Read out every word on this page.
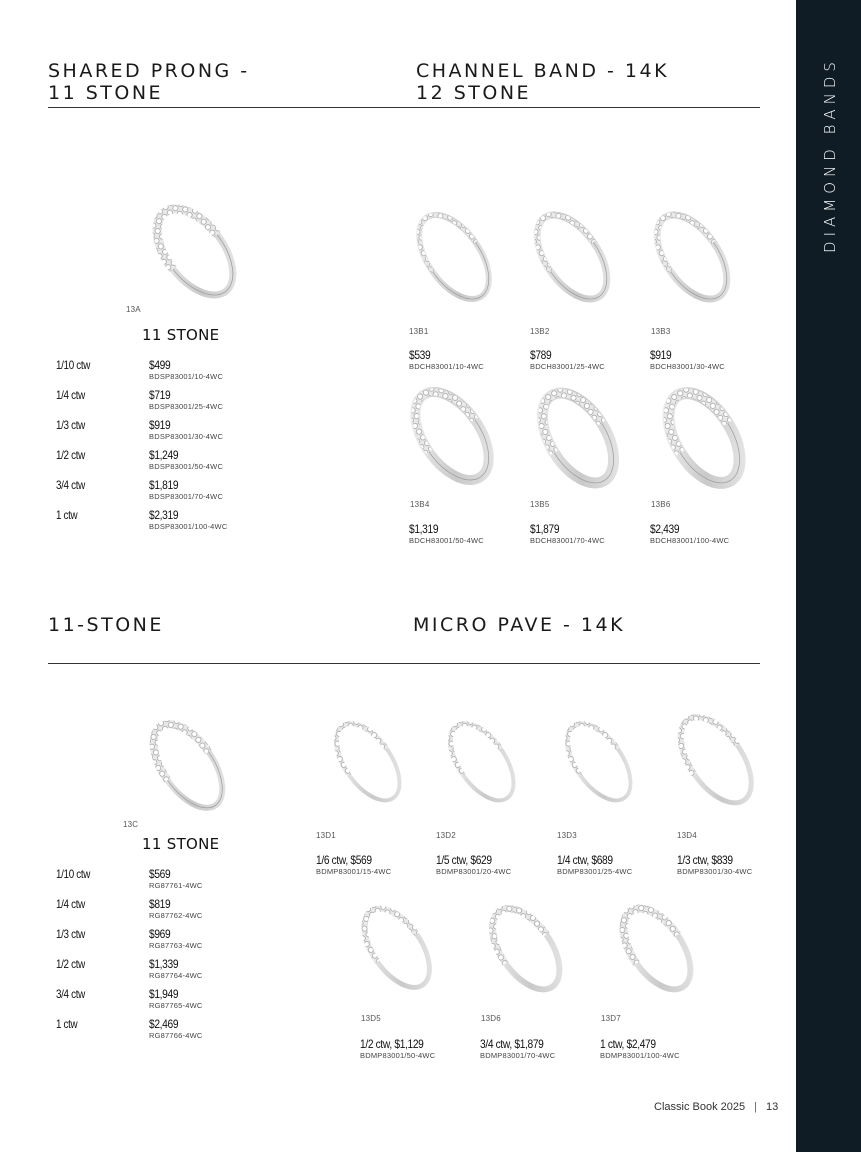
DIAMOND BANDS
SHARED PRONG -
11 STONE
CHANNEL BAND - 14K
12 STONE
11-STONE	MICRO PAVE - 14K
13A
11 STONE
1/10 ctw	$499
BDSP83001/10-4WC
1/4 ctw	$719
BDSP83001/25-4WC
1/3 ctw	$919
BDSP83001/30-4WC
1/2 ctw	$1,249
BDSP83001/50-4WC
3/4 ctw	$1,819
BDSP83001/70-4WC
1 ctw	$2,319
BDSP83001/100-4WC
13B1	13B2	13B3
$539
BDCH83001/10-4WC
$789
BDCH83001/25-4WC
$919
BDCH83001/30-4WC
13B4	13B5	13B6
$1,319
BDCH83001/50-4WC
$1,879
BDCH83001/70-4WC
$2,439
BDCH83001/100-4WC
13C
11 STONE
1/10 ctw	$569
RG87761-4WC
1/4 ctw	$819
RG87762-4WC
1/3 ctw	$969
RG87763-4WC
1/2 ctw	$1,339
RG87764-4WC
3/4 ctw	$1,949
RG87765-4WC
1 ctw	$2,469
RG87766-4WC
13D1	13D2	13D3	13D4
1/6 ctw, $569
BDMP83001/15-4WC
1/5 ctw, $629
BDMP83001/20-4WC
1/4 ctw, $689
BDMP83001/25-4WC
1/3 ctw, $839
BDMP83001/30-4WC
13D5	13D6	13D7
1/2 ctw, $1,129
BDMP83001/50-4WC
3/4 ctw, $1,879
BDMP83001/70-4WC
1 ctw, $2,479
BDMP83001/100-4WC
Classic Book 2025 | 13
